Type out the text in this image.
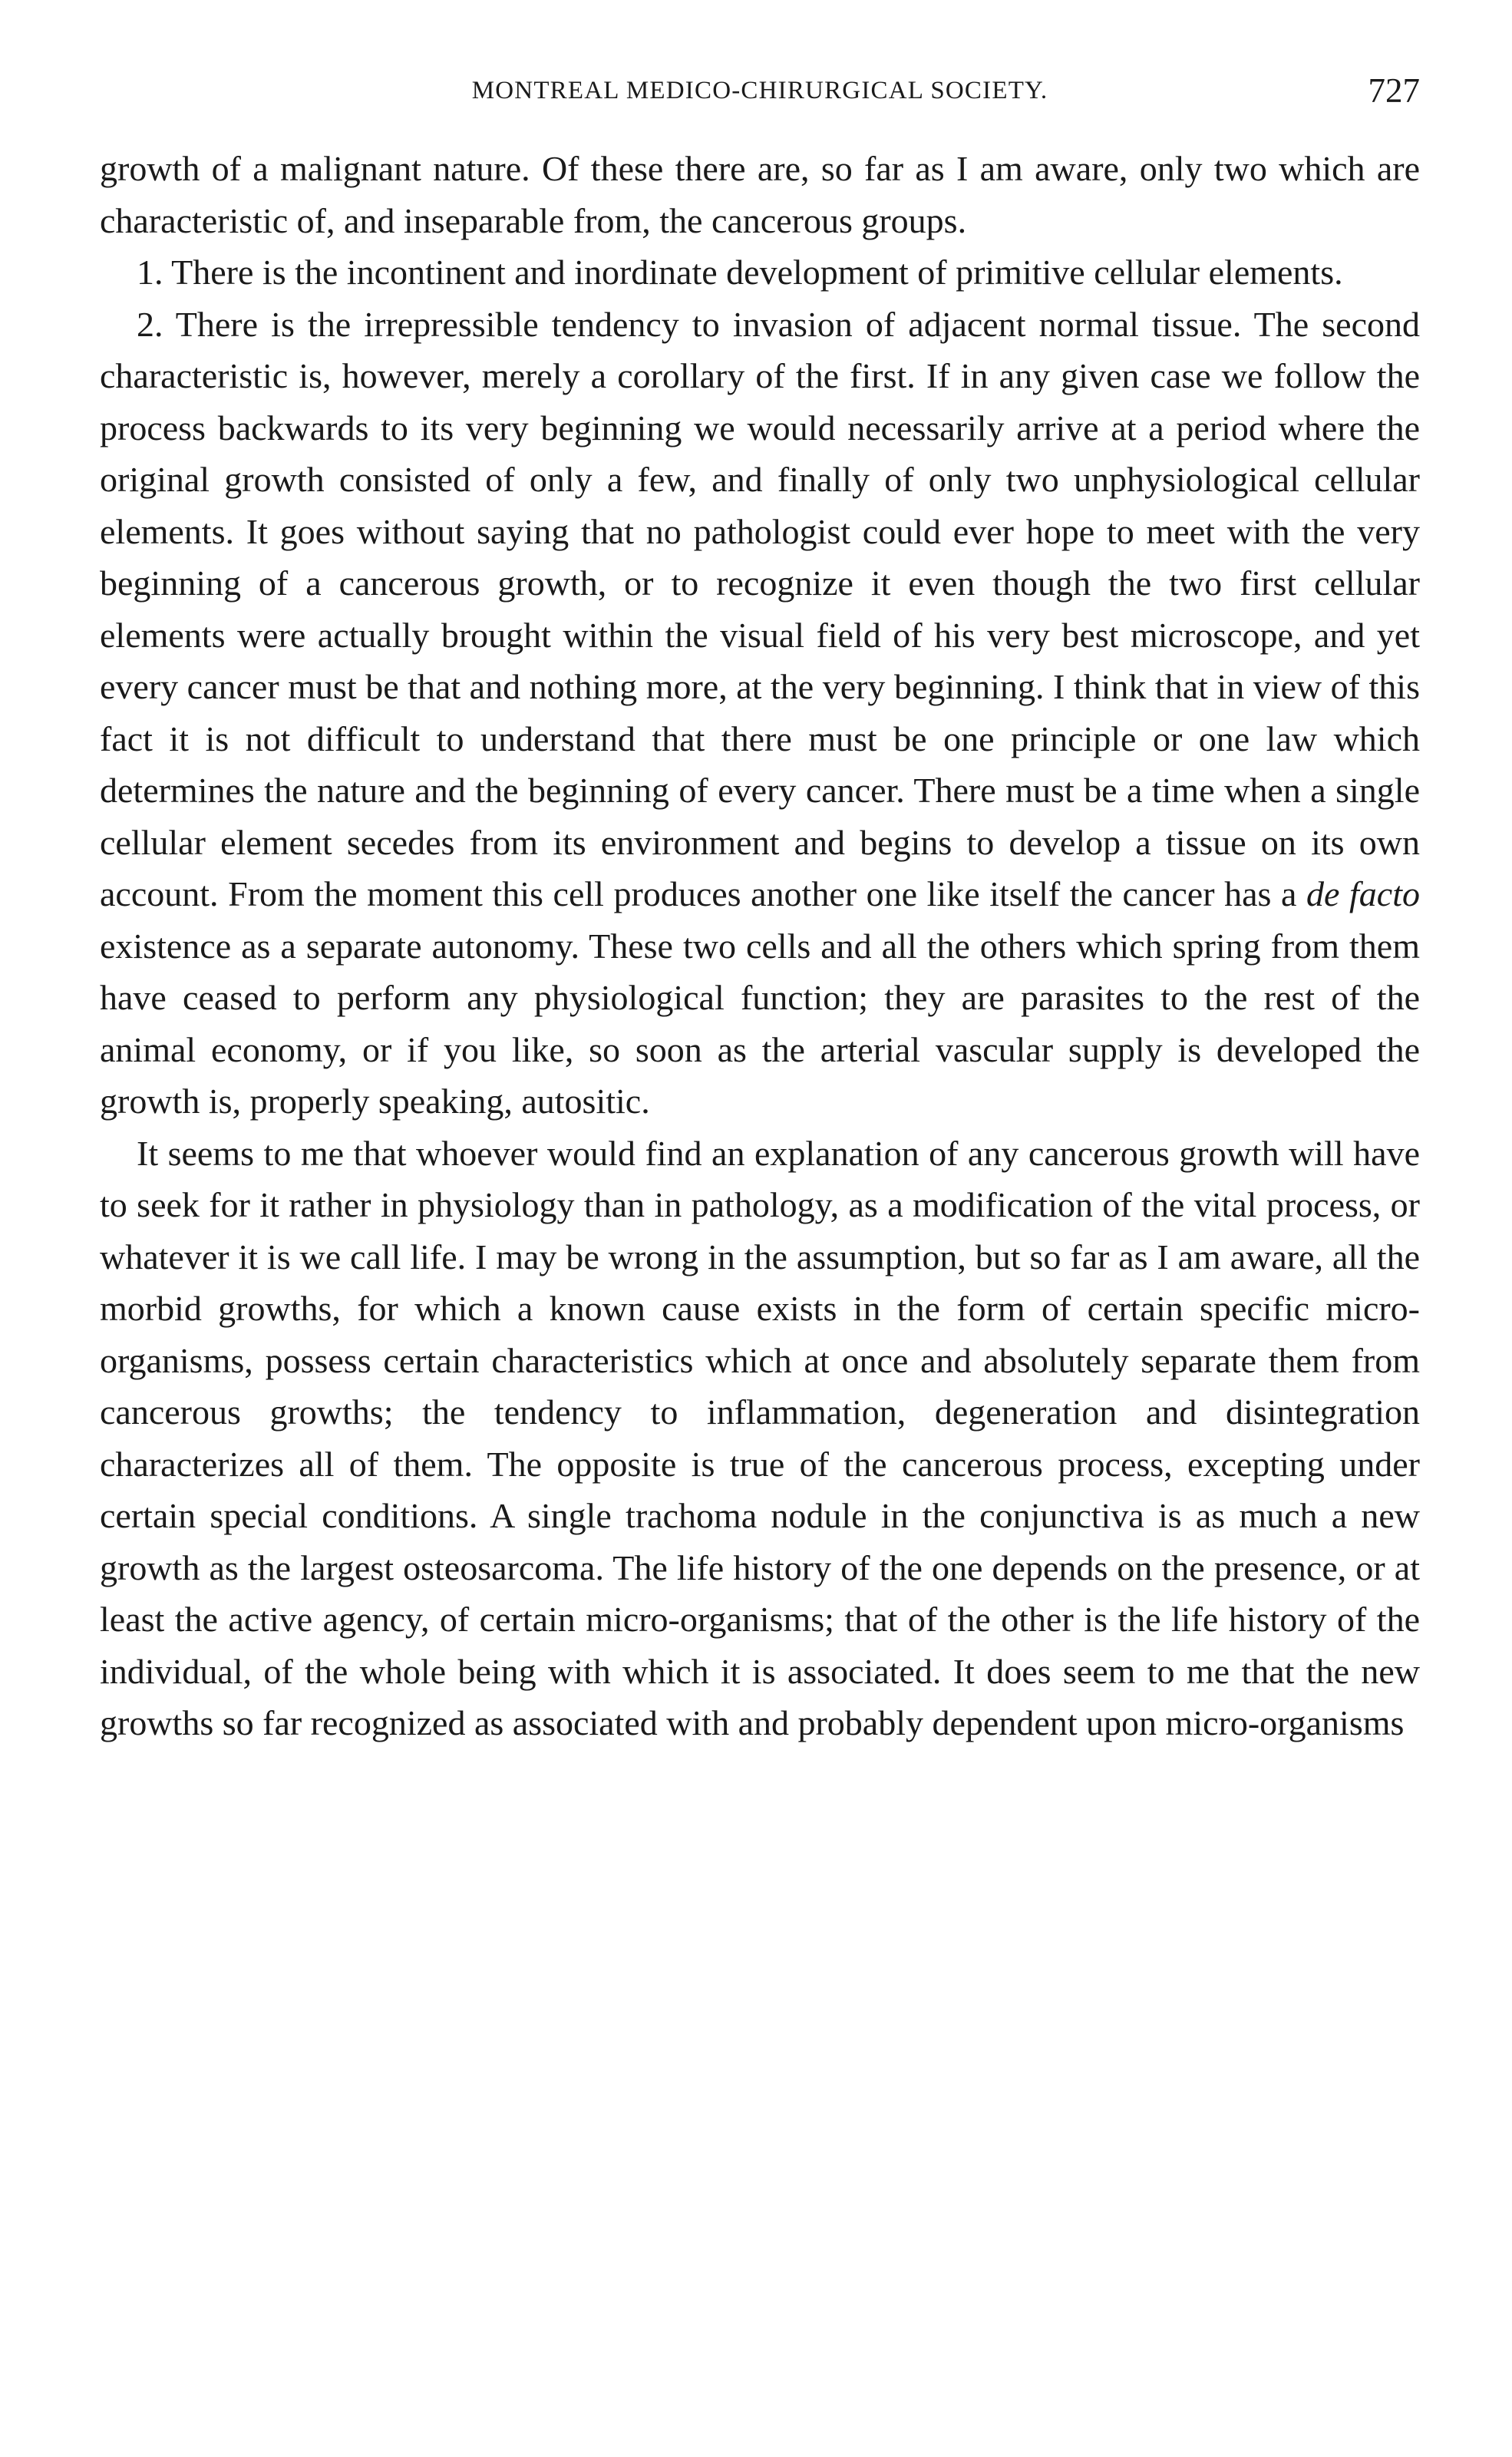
MONTREAL MEDICO-CHIRURGICAL SOCIETY.	727

growth of a malignant nature. Of these there are, so far as I am aware, only two which are characteristic of, and inseparable from, the cancerous groups.

1. There is the incontinent and inordinate development of primitive cellular elements.

2. There is the irrepressible tendency to invasion of adjacent normal tissue. The second characteristic is, however, merely a corollary of the first. If in any given case we follow the process backwards to its very beginning we would necessarily arrive at a period where the original growth consisted of only a few, and finally of only two unphysiological cellular elements. It goes without saying that no pathologist could ever hope to meet with the very beginning of a cancerous growth, or to recognize it even though the two first cellular elements were actually brought within the visual field of his very best microscope, and yet every cancer must be that and nothing more, at the very beginning. I think that in view of this fact it is not difficult to understand that there must be one principle or one law which determines the nature and the beginning of every cancer. There must be a time when a single cellular element secedes from its environment and begins to develop a tissue on its own account. From the moment this cell produces another one like itself the cancer has a de facto existence as a separate autonomy. These two cells and all the others which spring from them have ceased to perform any physiological function; they are parasites to the rest of the animal economy, or if you like, so soon as the arterial vascular supply is developed the growth is, properly speaking, autositic.

It seems to me that whoever would find an explanation of any cancerous growth will have to seek for it rather in physiology than in pathology, as a modification of the vital process, or whatever it is we call life. I may be wrong in the assumption, but so far as I am aware, all the morbid growths, for which a known cause exists in the form of certain specific micro-organisms, possess certain characteristics which at once and absolutely separate them from cancerous growths; the tendency to inflammation, degeneration and disintegration characterizes all of them. The opposite is true of the cancerous process, excepting under certain special conditions. A single trachoma nodule in the conjunctiva is as much a new growth as the largest osteosarcoma. The life history of the one depends on the presence, or at least the active agency, of certain micro-organisms; that of the other is the life history of the individual, of the whole being with which it is associated. It does seem to me that the new growths so far recognized as associated with and probably dependent upon micro-organisms
